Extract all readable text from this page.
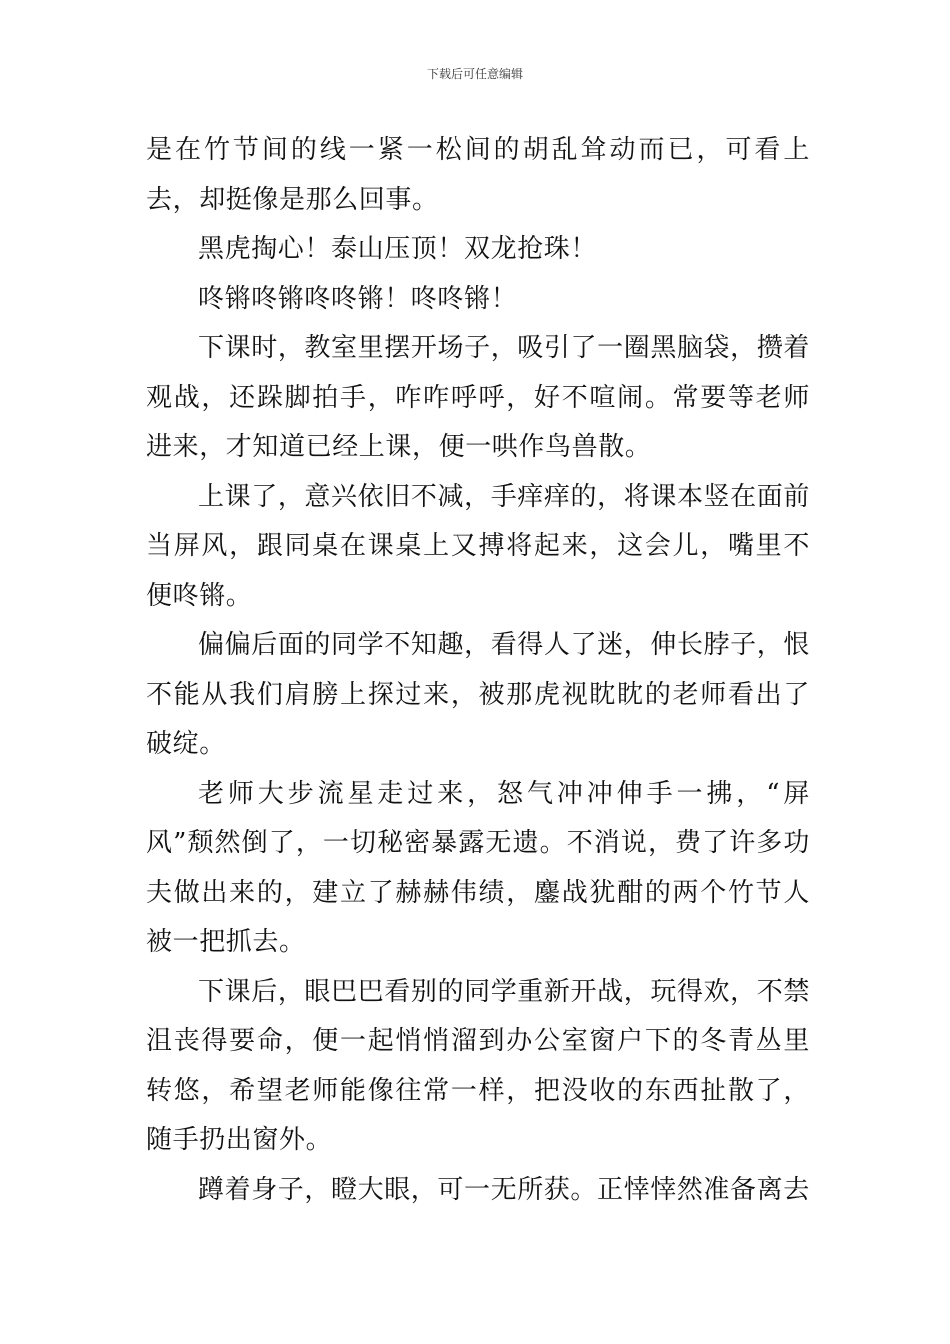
下载后可任意编辑

是在竹节间的线一紧一松间的胡乱耸动而已，可看上去，却挺像是那么回事。

黑虎掏心！泰山压顶！双龙抢珠！

咚锵咚锵咚咚锵！咚咚锵！

下课时，教室里摆开场子，吸引了一圈黑脑袋，攒着观战，还跺脚拍手，咋咋呼呼，好不喧闹。常要等老师进来，才知道已经上课，便一哄作鸟兽散。

上课了，意兴依旧不减，手痒痒的，将课本竖在面前当屏风，跟同桌在课桌上又搏将起来，这会儿，嘴里不便咚锵。

偏偏后面的同学不知趣，看得人了迷，伸长脖子，恨不能从我们肩膀上探过来，被那虎视眈眈的老师看出了破绽。

老师大步流星走过来，怒气冲冲伸手一拂，“屏风”颓然倒了，一切秘密暴露无遗。不消说，费了许多功夫做出来的，建立了赫赫伟绩，鏖战犹酣的两个竹节人被一把抓去。

下课后，眼巴巴看别的同学重新开战，玩得欢，不禁沮丧得要命，便一起悄悄溜到办公室窗户下的冬青丛里转悠，希望老师能像往常一样，把没收的东西扯散了，随手扔出窗外。

蹲着身子，瞪大眼，可一无所获。正悻悻然准备离去
